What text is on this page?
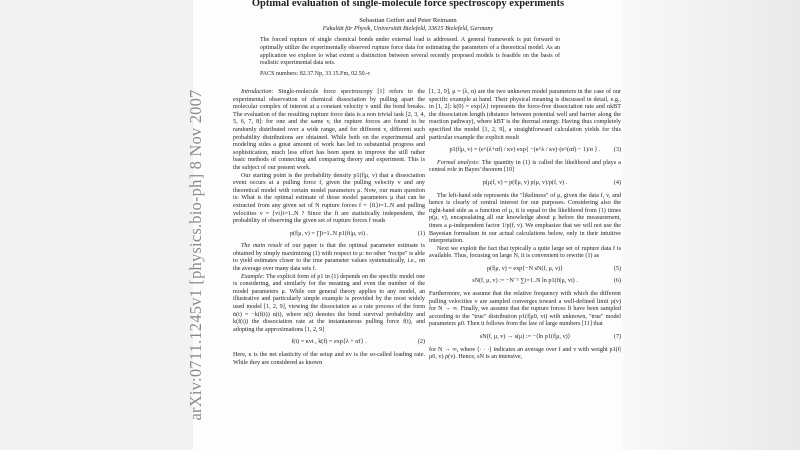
Optimal evaluation of single-molecule force spectroscopy experiments
Sebastian Getfert and Peter Reimann
Fakultät für Physik, Universität Bielefeld, 33615 Bielefeld, Germany
The forced rupture of single chemical bonds under external load is addressed. A general framework is put forward to optimally utilize the experimentally observed rupture force data for estimating the parameters of a theoretical model. As an application we explore to what extent a distinction between several recently proposed models is feasible on the basis of realistic experimental data sets.
PACS numbers: 82.37.Np, 33.15.Fm, 02.50.-r
arXiv:0711.1245v1 [physics.bio-ph] 8 Nov 2007	Introduction: Single-molecule force spectroscopy [1] refers to the experimental observation of chemical dissociation by pulling apart the molecular complex of interest at a constant velocity v until the bond breaks. The evaluation of the resulting rupture force data is a non trivial task [2, 3, 4, 5, 6, 7, 8]: for one and the same v, the rupture forces are found to be randomly distributed over a wide range, and for different v, different such probability distributions are obtained. While both on the experimental and modeling sides a great amount of work has led to substantial progress and sophistication, much less effort has been spent to improve the still rather basic methods of connecting and comparing theory and experiment. This is the subject of our present work.

Our starting point is the probability density p1(f|μ, v) that a dissociation event occurs at a pulling force f, given the pulling velocity v and any theoretical model with certain model parameters μ. Now, our main question is: What is the optimal estimate of those model parameters μ that can be extracted from any given set of N rupture forces f = {fi}i=1..N and pulling velocities v = {vi}i=1..N ? Since the fi are statistically independent, the probability of observing the given set of rupture forces f reads

p(f|μ, v) = ∏i=1..N p1(fi|μ, vi) .	(1)

The main result of our paper is that the optimal parameter estimate is obtained by simply maximizing (1) with respect to μ: no other "recipe" is able to yield estimates closer to the true parameter values systematically, i.e., on the average over many data sets f.

Example: The explicit form of p1 in (1) depends on the specific model one is considering, and similarly for the meaning and even the number of the model parameters μ. While our general theory applies to any model, an illustrative and particularly simple example is provided by the most widely used model [1, 2, 9], viewing the dissociation as a rate process of the form ṅ(t) = −k(f(t)) n(t), where n(t) denotes the bond survival probability and k(f(t)) the dissociation rate at the instantaneous pulling force f(t), and adopting the approximations [1, 2, 9]

f(t) = κvt , k(f) = exp{λ + αf} .	(2)

Here, κ is the net elasticity of the setup and κv is the so-called loading rate. While they are considered as known

[1, 2, 9], μ = (λ, α) are the two unknown model parameters in the case of our specific example at hand. Their physical meaning is discussed in detail, e.g., in [1, 2]: k(0) = exp{λ} represents the force-free dissociation rate and αkBT the dissociation length (distance between potential well and barrier along the reaction pathway), where kBT is the thermal energy. Having thus completely specified the model [1, 2, 9], a straightforward calculation yields for this particular example the explicit result

p1(f|μ, v) = (e^(λ+αf) / κv) exp{ −(e^λ / κv)·(e^(αf) − 1)/α } . (3)

Formal analysis: The quantity in (1) is called the likelihood and plays a central role in Bayes' theorem [10]

p(μ|f, v) = p(f|μ, v) p(μ, v)/p(f, v) .	(4)

The left-hand side represents the "likeliness" of μ, given the data f, v, and hence is clearly of central interest for our purposes. Considering also the right-hand side as a function of μ, it is equal to the likelihood from (1) times p(μ, v), encapsulating all our knowledge about μ before the measurement, times a μ-independent factor 1/p(f, v). We emphasize that we will not use the Bayesian formalism in our actual calculations below, only in their intuitive interpretation.

Next we exploit the fact that typically a quite large set of rupture data f is available. Thus, focusing on large N, it is convenient to rewrite (1) as

p(f|μ, v) = exp{−N sN(f, μ, v)}	(5)
sN(f, μ, v) := −N⁻¹ ∑i=1..N ln p1(fi|μ, vi) .	(6)

Furthermore, we assume that the relative frequency with which the different pulling velocities v are sampled converges toward a well-defined limit ρ(v) for N → ∞. Finally, we assume that the rupture forces fi have been sampled according to the "true" distribution p1(f|μ0, vi) with unknown, "true" model parameters μ0. Then it follows from the law of large numbers [11] that

sN(f, μ, v) → s(μ) := −⟨ln p1(f|μ, v)⟩	(7)

for N → ∞, where ⟨· · ·⟩ indicates an average over f and v with weight p1(f|μ0, v) ρ(v). Hence, sN is an intensive,
